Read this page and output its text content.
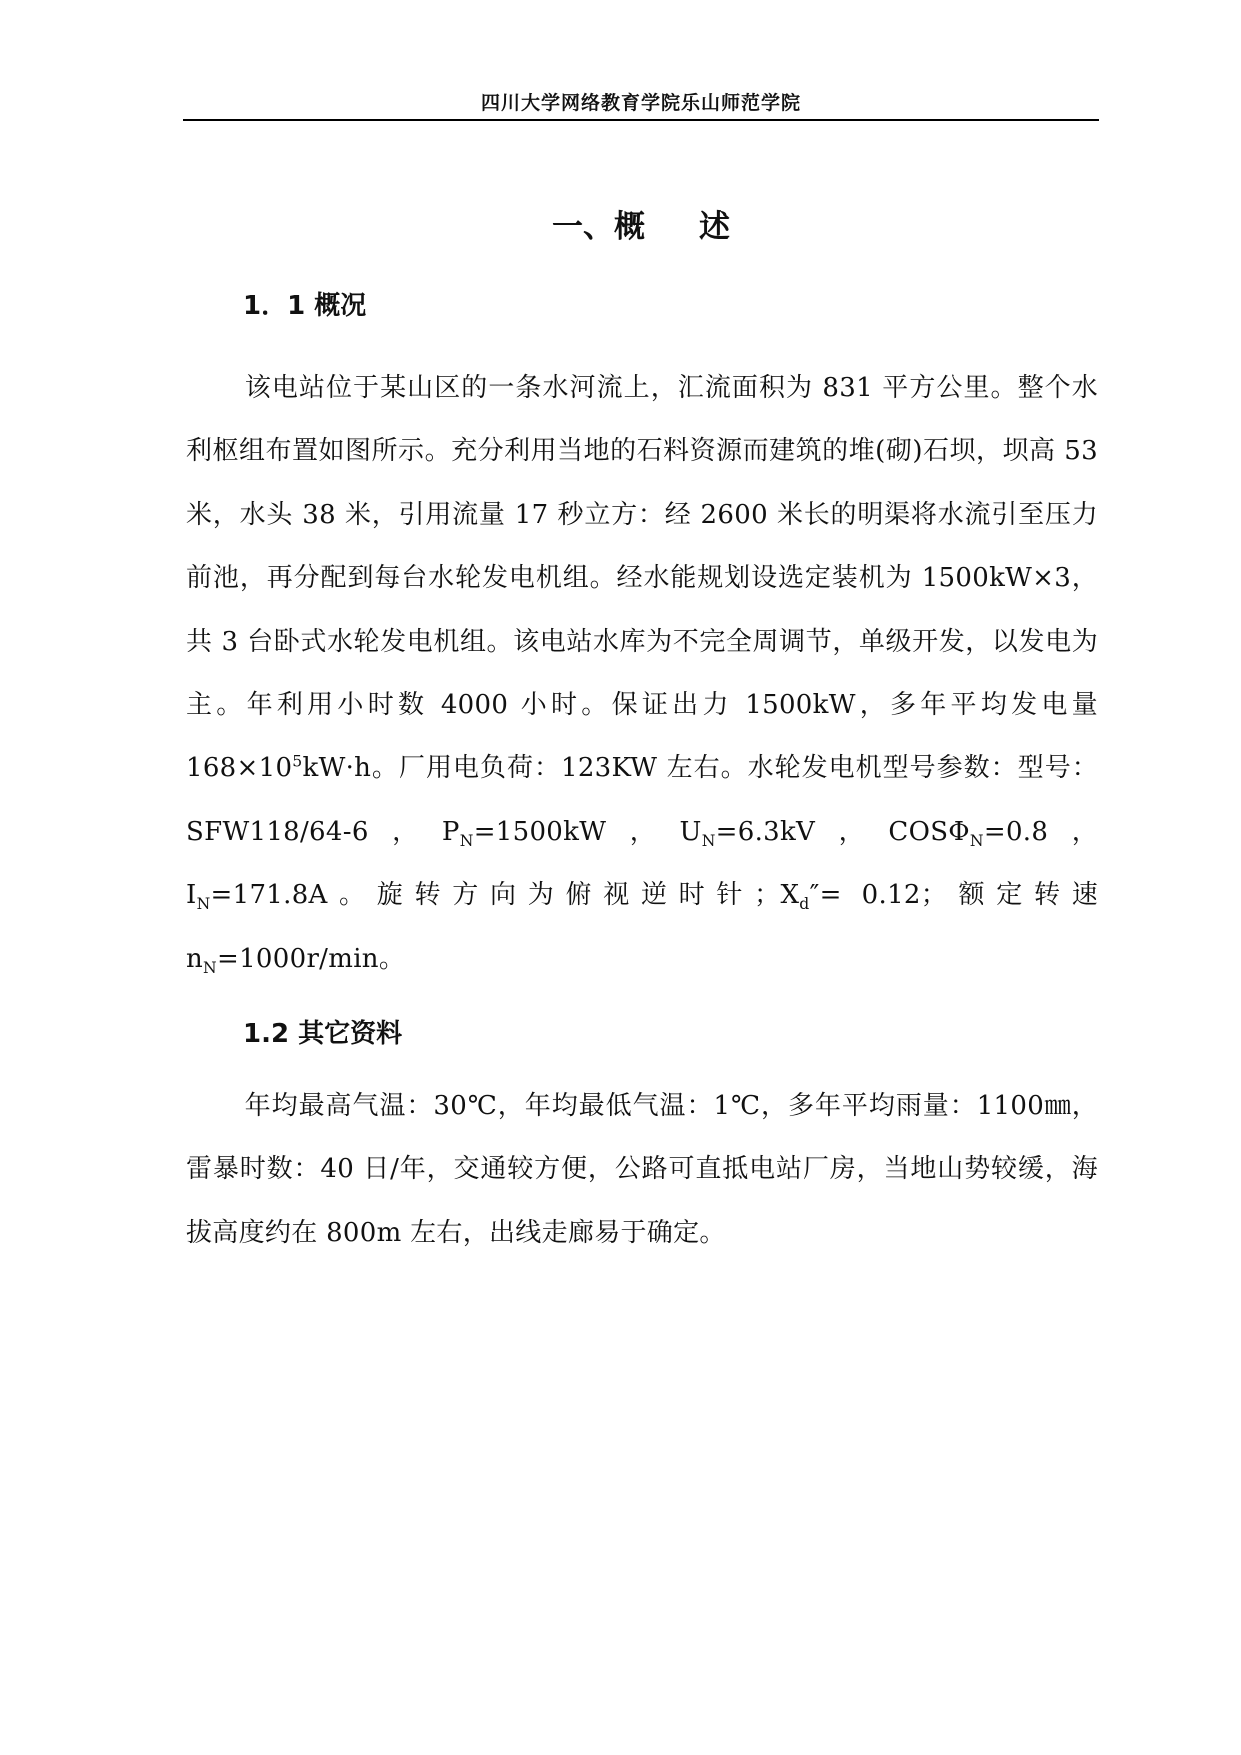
四川大学网络教育学院乐山师范学院
一、概 述
1．1 概况
该电站位于某山区的一条水河流上，汇流面积为 831 平方公里。整个水利枢组布置如图所示。充分利用当地的石料资源而建筑的堆(砌)石坝，坝高 53 米，水头 38 米，引用流量 17 秒立方：经 2600 米长的明渠将水流引至压力前池，再分配到每台水轮发电机组。经水能规划设选定装机为 1500kW×3，共 3 台卧式水轮发电机组。该电站水库为不完全周调节，单级开发，以发电为主。年利用小时数 4000 小时。保证出力 1500kW，多年平均发电量 $168\times 10^5kW\cdot h$。厂用电负荷：123KW 左右。水轮发电机型号参数：型号：SFW118/64-6，$P_N=1500kW$，$U_N=6.3kV$，$COS\Phi_N=0.8$，$I_N=171.8A$。旋转方向为俯视逆时针；$X_d''= 0.12$；额定转速 $n_N=1000r/\min$。
1.2 其它资料
年均最高气温：30℃，年均最低气温：1℃，多年平均雨量：1100㎜，雷暴时数：40 日/年，交通较方便，公路可直抵电站厂房，当地山势较缓，海拔高度约在 800m 左右，出线走廊易于确定。
